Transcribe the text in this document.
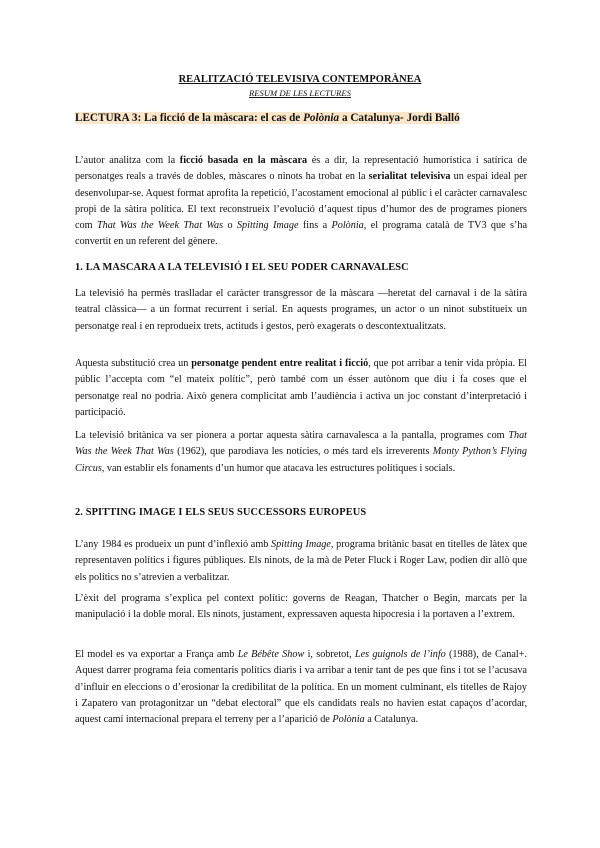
REALITZACIÓ TELEVISIVA CONTEMPORÀNEA
RESUM DE LES LECTURES
LECTURA 3: La ficció de la màscara: el cas de Polònia a Catalunya- Jordi Balló
L’autor analitza com la ficció basada en la màscara és a dir, la representació humorística i satírica de personatges reals a través de dobles, màscares o ninots ha trobat en la serialitat televisiva un espai ideal per desenvolupar-se. Aquest format aprofita la repetició, l’acostament emocional al públic i el caràcter carnavalesc propi de la sàtira política. El text reconstrueix l’evolució d’aquest tipus d’humor des de programes pioners com That Was the Week That Was o Spitting Image fins a Polònia, el programa català de TV3 que s’ha convertit en un referent del gènere.
1. LA MASCARA A LA TELEVISIÓ I EL SEU PODER CARNAVALESC
La televisió ha permès traslladar el caràcter transgressor de la màscara —heretat del carnaval i de la sàtira teatral clàssica— a un format recurrent i serial. En aquests programes, un actor o un ninot substitueix un personatge real i en reprodueix trets, actituds i gestos, però exagerats o descontextualitzats.
Aquesta substitució crea un personatge pendent entre realitat i ficció, que pot arribar a tenir vida pròpia. El públic l’accepta com “el mateix polític”, però també com un ésser autònom que diu i fa coses que el personatge real no podria. Això genera complicitat amb l’audiència i activa un joc constant d’interpretació i participació.
La televisió britànica va ser pionera a portar aquesta sàtira carnavalesca a la pantalla, programes com That Was the Week That Was (1962), que parodiava les notícies, o més tard els irreverents Monty Python’s Flying Circus, van establir els fonaments d’un humor que atacava les estructures polítiques i socials.
2. SPITTING IMAGE I ELS SEUS SUCCESSORS EUROPEUS
L’any 1984 es produeix un punt d’inflexió amb Spitting Image, programa britànic basat en titelles de làtex que representaven polítics i figures públiques. Els ninots, de la mà de Peter Fluck i Roger Law, podien dir allò que els polítics no s’atrevien a verbalitzar.
L’èxit del programa s’explica pel context polític: governs de Reagan, Thatcher o Begin, marcats per la manipulació i la doble moral. Els ninots, justament, expressaven aquesta hipocresia i la portaven a l’extrem.
El model es va exportar a França amb Le Bébête Show i, sobretot, Les guignols de l’info (1988), de Canal+. Aquest darrer programa feia comentaris polítics diaris i va arribar a tenir tant de pes que fins i tot se l’acusava d’influir en eleccions o d’erosionar la credibilitat de la política. En un moment culminant, els titelles de Rajoy i Zapatero van protagonitzar un “debat electoral” que els candidats reals no havien estat capaços d’acordar, aquest camí internacional prepara el terreny per a l’aparició de Polònia a Catalunya.
